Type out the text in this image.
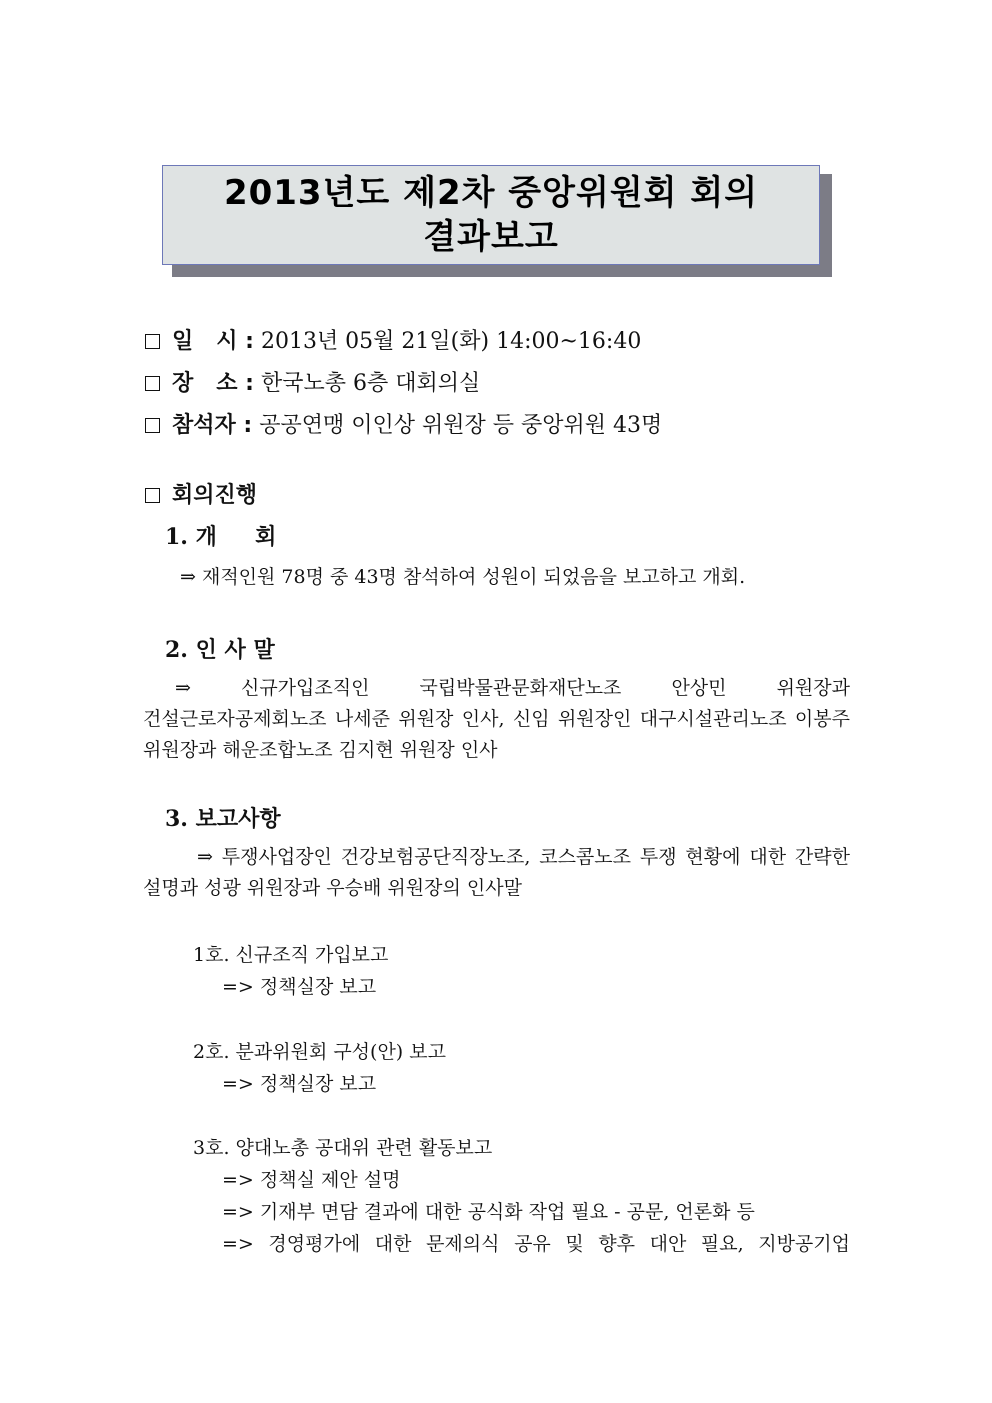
2013년도 제2차 중앙위원회 회의
결과보고
일   시 : 2013년 05월 21일(화) 14:00~16:40
장   소 : 한국노총 6층 대회의실
참석자 : 공공연맹 이인상 위원장 등 중앙위원 43명
회의진행
1. 개     회
⇒ 재적인원 78명 중 43명 참석하여 성원이 되었음을 보고하고 개회.
2. 인 사 말
⇒ 신규가입조직인 국립박물관문화재단노조 안상민 위원장과 건설근로자공제회노조 나세준 위원장 인사, 신임 위원장인 대구시설관리노조 이봉주 위원장과 해운조합노조 김지현 위원장 인사
3. 보고사항
⇒ 투쟁사업장인 건강보험공단직장노조, 코스콤노조 투쟁 현황에 대한 간략한 설명과 성광 위원장과 우승배 위원장의 인사말
1호. 신규조직 가입보고
=> 정책실장 보고
2호. 분과위원회 구성(안) 보고
=> 정책실장 보고
3호. 양대노총 공대위 관련 활동보고
=> 정책실 제안 설명
=> 기재부 면담 결과에 대한 공식화 작업 필요 - 공문, 언론화 등
=> 경영평가에 대한 문제의식 공유 및 향후 대안 필요, 지방공기업
